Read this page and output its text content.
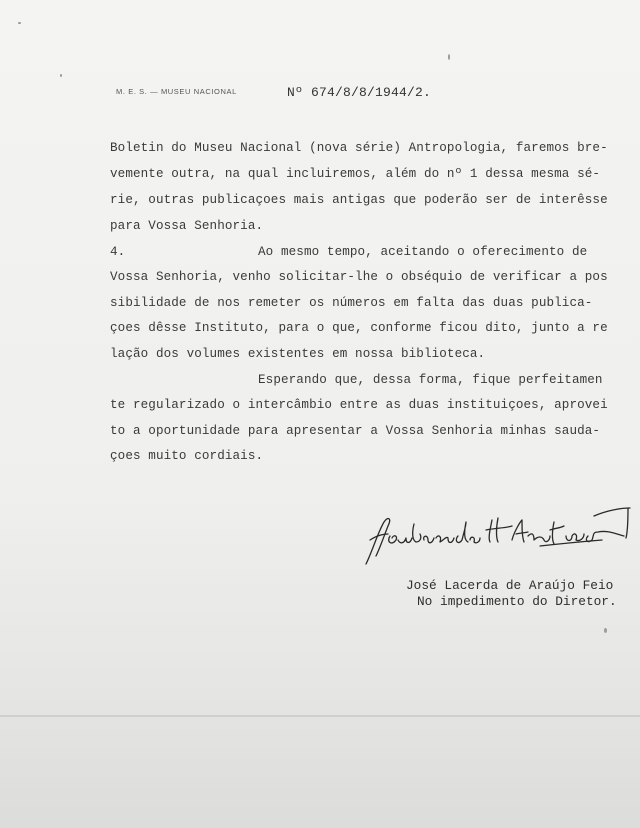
M. E. S. — MUSEU NACIONAL	Nº 674/8/8/1944/2.
Boletin do Museu Nacional (nova série) Antropologia, faremos bre-
vemente outra, na qual incluiremos, além do nº 1 dessa mesma sé-
rie, outras publicaçoes mais antigas que poderão ser de interêsse
para Vossa Senhoria.
4.	Ao mesmo tempo, aceitando o oferecimento de
Vossa Senhoria, venho solicitar-lhe o obséquio de verificar a pos
sibilidade de nos remeter os números em falta das duas publica-
çoes dêsse Instituto, para o que, conforme ficou dito, junto a re
lação dos volumes existentes em nossa biblioteca.
Esperando que, dessa forma, fique perfeitamen
te regularizado o intercâmbio entre as duas instituiçoes, aprovei
to a oportunidade para apresentar a Vossa Senhoria minhas sauda-
çoes muito cordiais.
José Lacerda de Araújo Feio
No impedimento do Diretor.
